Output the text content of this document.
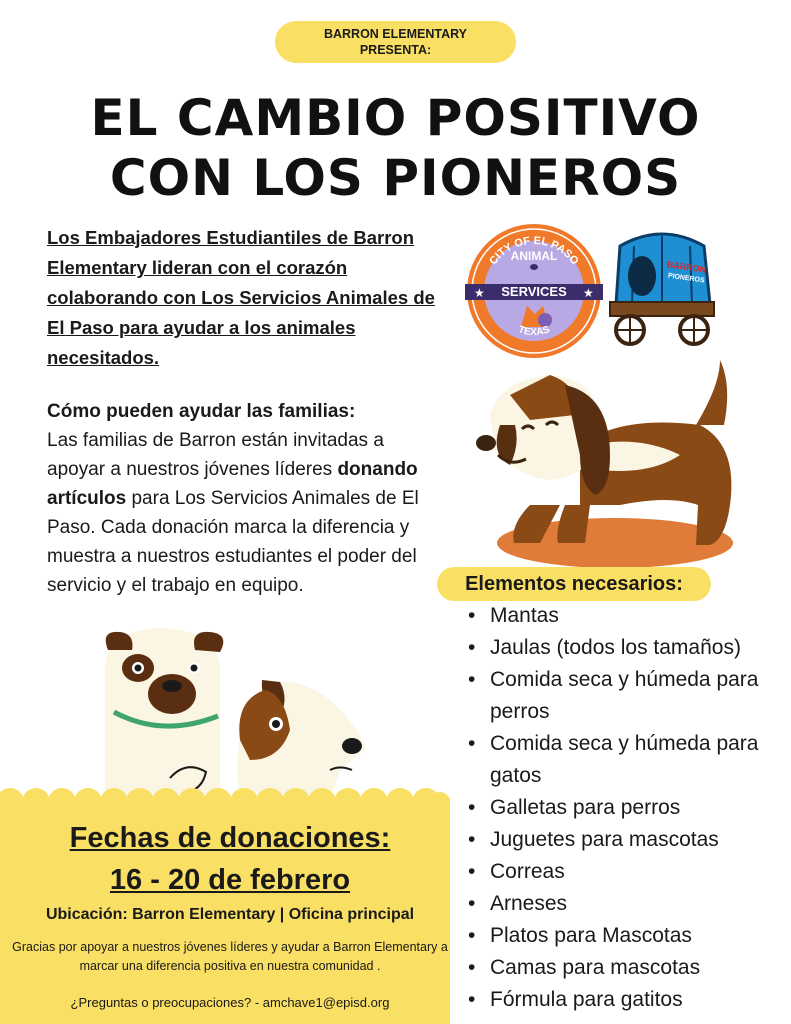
BARRON ELEMENTARY
PRESENTA:
EL CAMBIO POSITIVO
CON LOS PIONEROS
Los Embajadores Estudiantiles de Barron Elementary lideran con el corazón colaborando con Los Servicios Animales de El Paso para ayudar a los animales necesitados.
Cómo pueden ayudar las familias:
Las familias de Barron están invitadas a apoyar a nuestros jóvenes líderes donando artículos para Los Servicios Animales de El Paso. Cada donación marca la diferencia y muestra a nuestros estudiantes el poder del servicio y el trabajo en equipo.
★	★
CITY OF EL PASO
ANIMAL
SERVICES
TEXAS
BARRON
PIONEROS
Elementos necesarios:
• Mantas
• Jaulas (todos los tamaños)
• Comida seca y húmeda para perros
• Comida seca y húmeda para gatos
• Galletas para perros
• Juguetes para mascotas
• Correas
• Arneses
• Platos para Mascotas
• Camas para mascotas
• Fórmula para gatitos
Fechas de donaciones:
16 - 20 de febrero
Ubicación: Barron Elementary | Oficina principal
Gracias por apoyar a nuestros jóvenes líderes y ayudar a Barron Elementary a marcar una diferencia positiva en nuestra comunidad .
¿Preguntas o preocupaciones? - amchave1@episd.org
